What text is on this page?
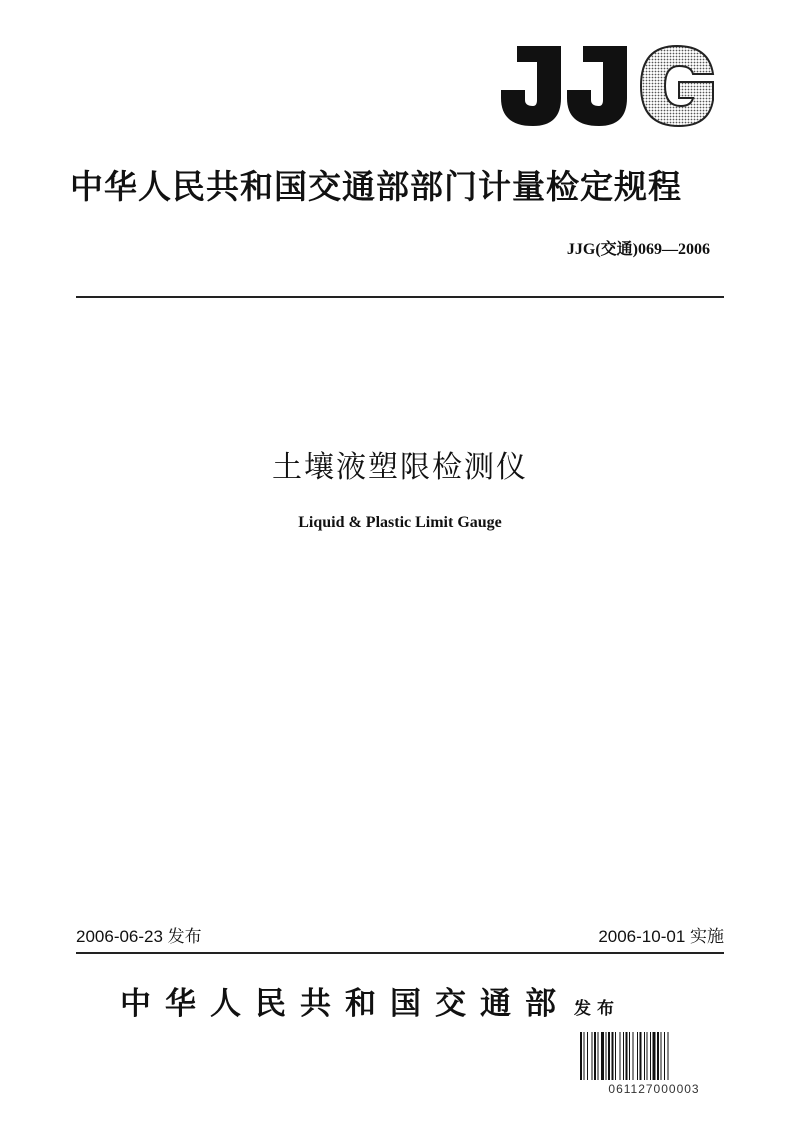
中华人民共和国交通部部门计量检定规程
JJG(交通)069—2006
土壤液塑限检测仪
Liquid & Plastic Limit Gauge
2006-06-23 发布	2006-10-01 实施
中华人民共和国交通部 发布
061127000003
